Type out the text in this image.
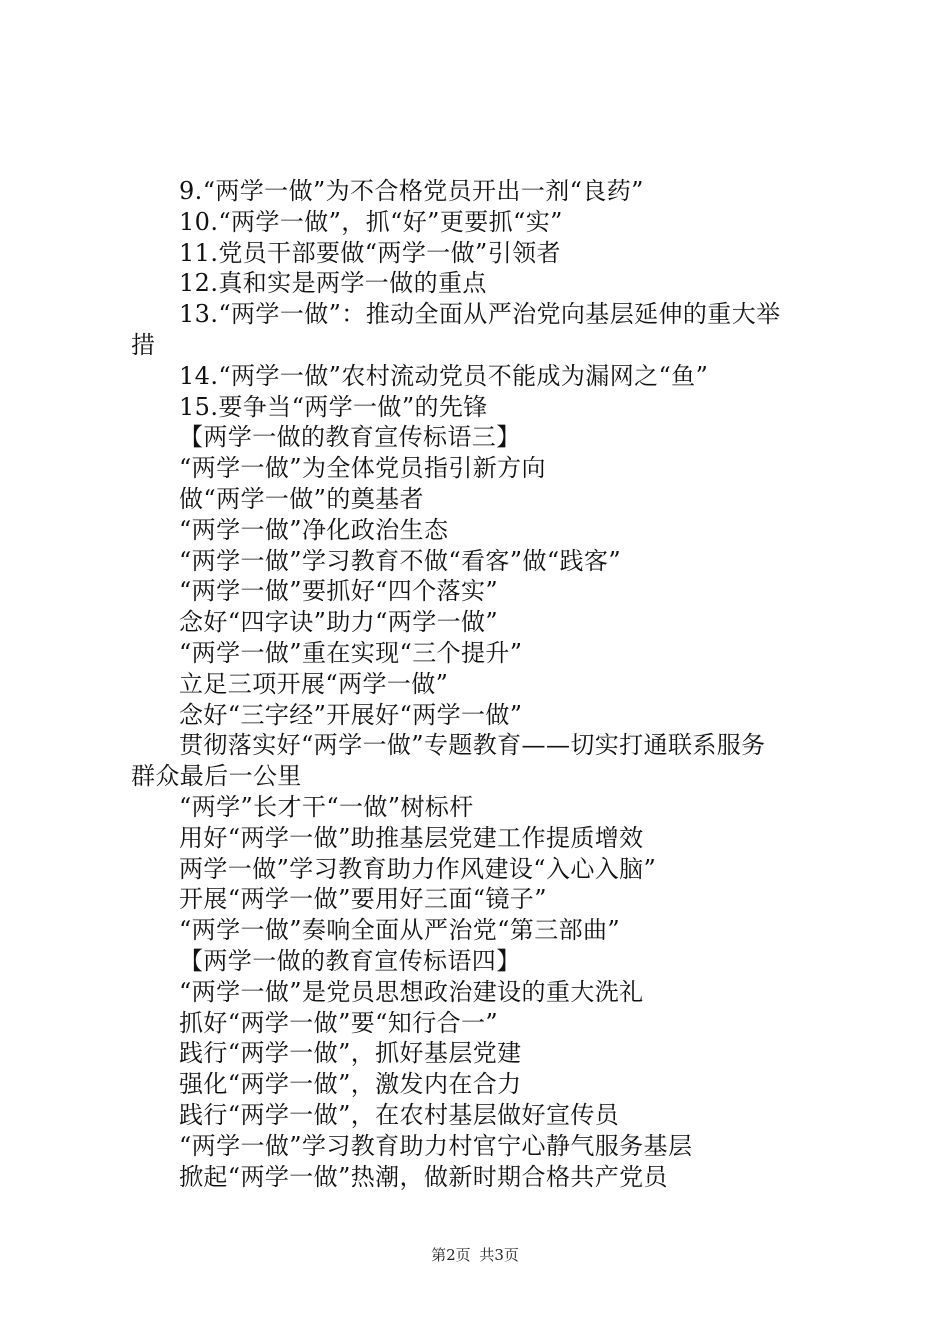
9.“两学一做”为不合格党员开出一剂“良药”
10.“两学一做”，抓“好”更要抓“实”
11.党员干部要做“两学一做”引领者
12.真和实是两学一做的重点
13.“两学一做”：推动全面从严治党向基层延伸的重大举
措
14.“两学一做”农村流动党员不能成为漏网之“鱼”
15.要争当“两学一做”的先锋
【两学一做的教育宣传标语三】
“两学一做”为全体党员指引新方向
做“两学一做”的奠基者
“两学一做”净化政治生态
“两学一做”学习教育不做“看客”做“践客”
“两学一做”要抓好“四个落实”
念好“四字诀”助力“两学一做”
“两学一做”重在实现“三个提升”
立足三项开展“两学一做”
念好“三字经”开展好“两学一做”
贯彻落实好“两学一做”专题教育——切实打通联系服务
群众最后一公里
“两学”长才干“一做”树标杆
用好“两学一做”助推基层党建工作提质增效
两学一做”学习教育助力作风建设“入心入脑”
开展“两学一做”要用好三面“镜子”
“两学一做”奏响全面从严治党“第三部曲”
【两学一做的教育宣传标语四】
“两学一做”是党员思想政治建设的重大洗礼
抓好“两学一做”要“知行合一”
践行“两学一做”，抓好基层党建
强化“两学一做”，激发内在合力
践行“两学一做”，在农村基层做好宣传员
“两学一做”学习教育助力村官宁心静气服务基层
掀起“两学一做”热潮，做新时期合格共产党员
第2页 共3页
